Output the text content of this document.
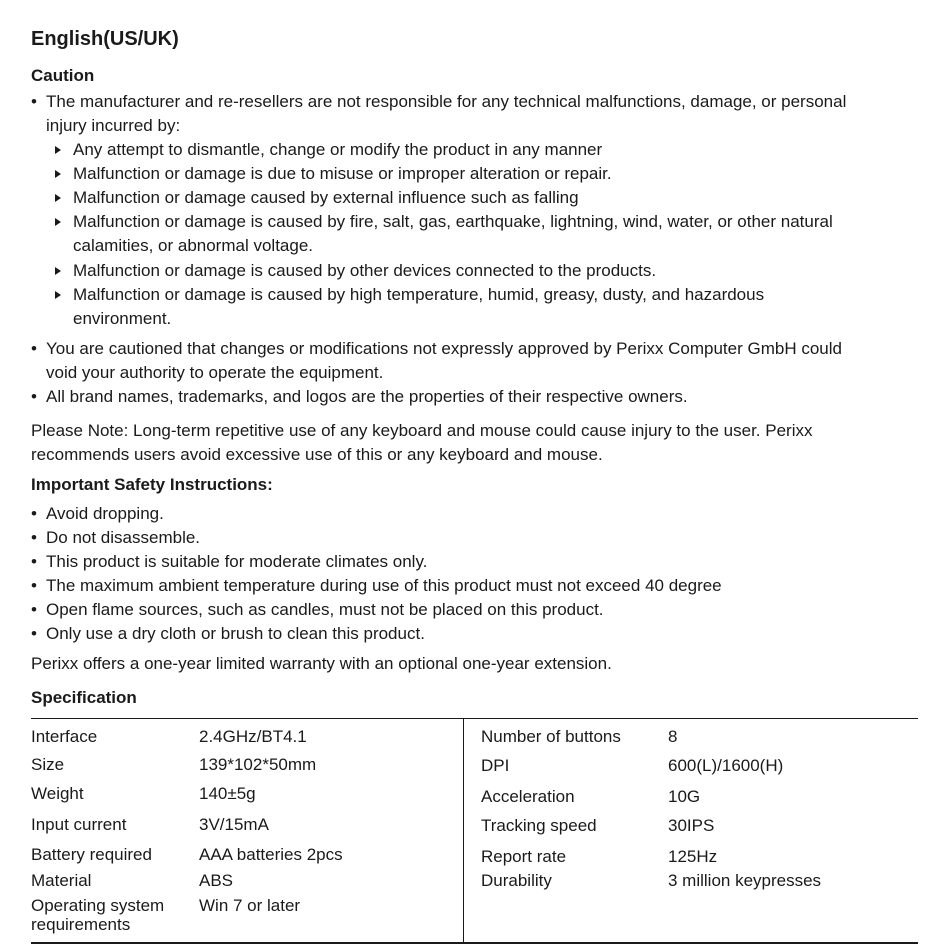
English(US/UK)
Caution
• The manufacturer and re-resellers are not responsible for any technical malfunctions, damage, or personal
injury incurred by:
Any attempt to dismantle, change or modify the product in any manner
Malfunction or damage is due to misuse or improper alteration or repair.
Malfunction or damage caused by external influence such as falling
Malfunction or damage is caused by fire, salt, gas, earthquake, lightning, wind, water, or other natural
calamities, or abnormal voltage.
Malfunction or damage is caused by other devices connected to the products.
Malfunction or damage is caused by high temperature, humid, greasy, dusty, and hazardous
environment.
• You are cautioned that changes or modifications not expressly approved by Perixx Computer GmbH could
void your authority to operate the equipment.
• All brand names, trademarks, and logos are the properties of their respective owners.
Please Note: Long-term repetitive use of any keyboard and mouse could cause injury to the user. Perixx
recommends users avoid excessive use of this or any keyboard and mouse.
Important Safety Instructions:
• Avoid dropping.
• Do not disassemble.
• This product is suitable for moderate climates only.
• The maximum ambient temperature during use of this product must not exceed 40 degree
• Open flame sources, such as candles, must not be placed on this product.
• Only use a dry cloth or brush to clean this product.
Perixx offers a one-year limited warranty with an optional one-year extension.
Specification
Interface	2.4GHz/BT4.1
Size	139*102*50mm
Weight	140±5g
Input current	3V/15mA
Battery required	AAA batteries 2pcs
Material	ABS
Operating system
requirements
Win 7 or later
Number of buttons	8
DPI	600(L)/1600(H)
Acceleration	10G
Tracking speed	30IPS
Report rate	125Hz
Durability	3 million keypresses
